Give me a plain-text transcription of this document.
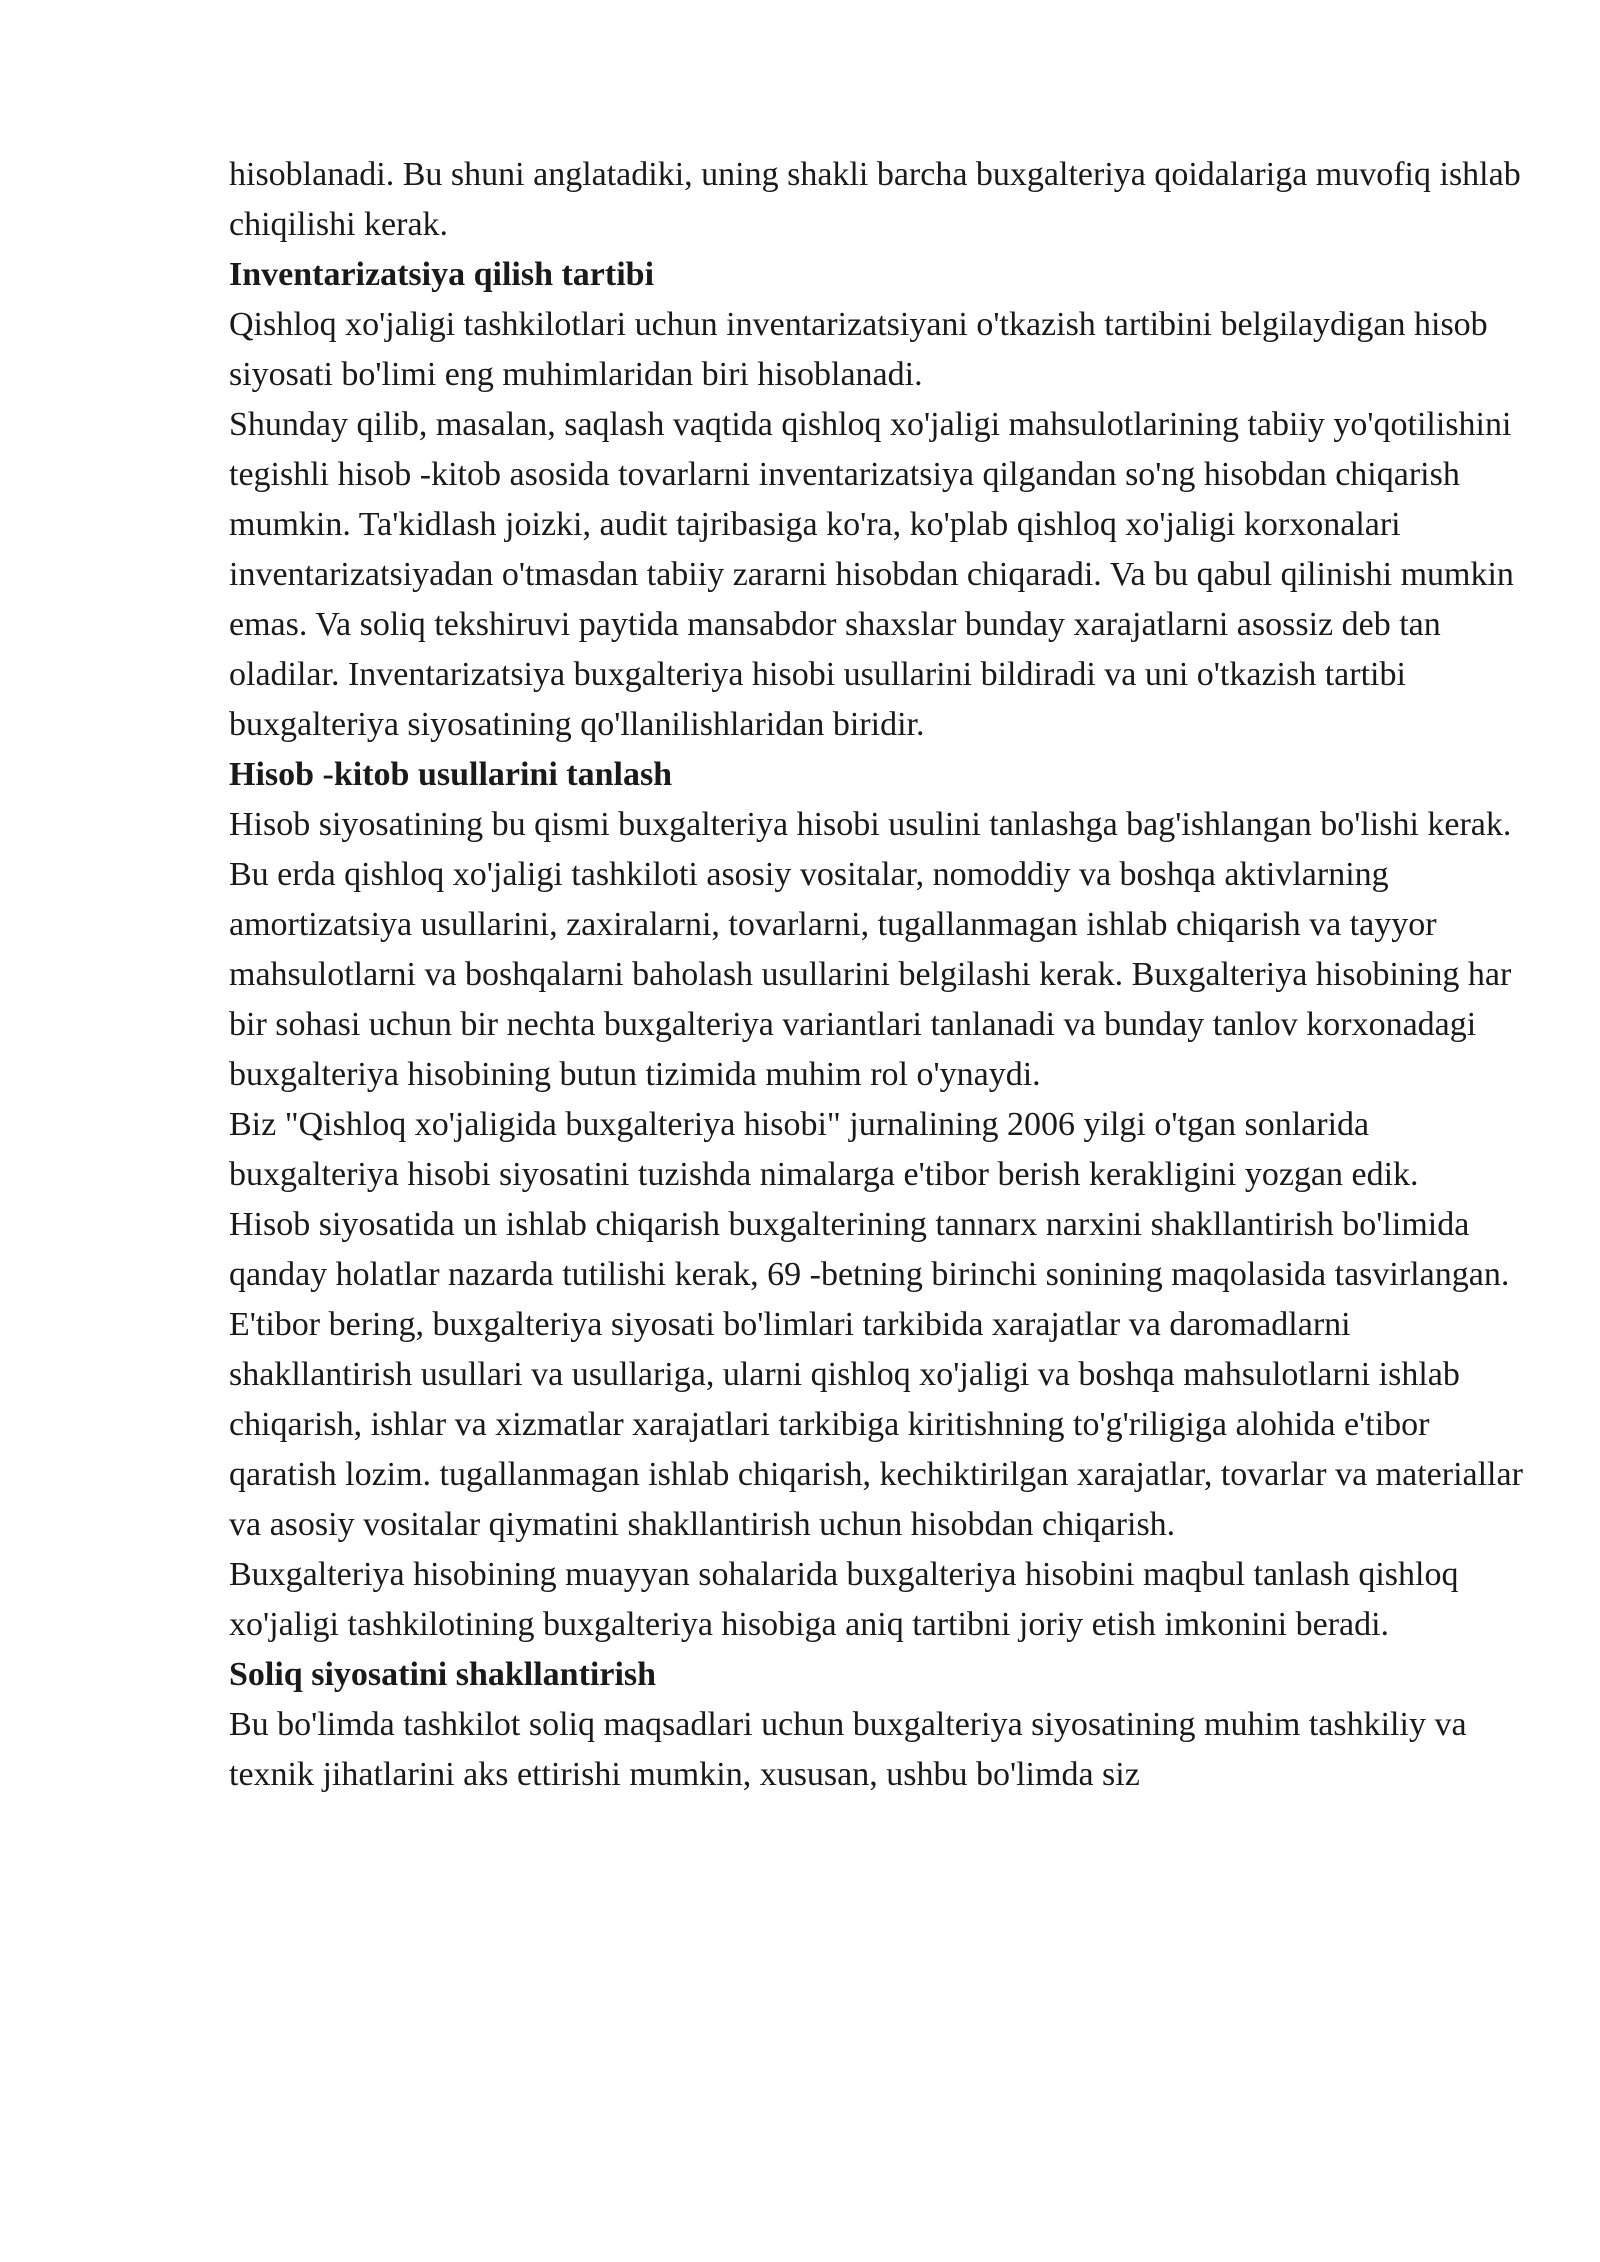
hisoblanadi. Bu shuni anglatadiki, uning shakli barcha buxgalteriya qoidalariga muvofiq ishlab chiqilishi kerak.

Inventarizatsiya qilish tartibi

Qishloq xo'jaligi tashkilotlari uchun inventarizatsiyani o'tkazish tartibini belgilaydigan hisob siyosati bo'limi eng muhimlaridan biri hisoblanadi.

Shunday qilib, masalan, saqlash vaqtida qishloq xo'jaligi mahsulotlarining tabiiy yo'qotilishini tegishli hisob -kitob asosida tovarlarni inventarizatsiya qilgandan so'ng hisobdan chiqarish mumkin. Ta'kidlash joizki, audit tajribasiga ko'ra, ko'plab qishloq xo'jaligi korxonalari inventarizatsiyadan o'tmasdan tabiiy zararni hisobdan chiqaradi. Va bu qabul qilinishi mumkin emas. Va soliq tekshiruvi paytida mansabdor shaxslar bunday xarajatlarni asossiz deb tan oladilar. Inventarizatsiya buxgalteriya hisobi usullarini bildiradi va uni o'tkazish tartibi buxgalteriya siyosatining qo'llanilishlaridan biridir.

Hisob -kitob usullarini tanlash

Hisob siyosatining bu qismi buxgalteriya hisobi usulini tanlashga bag'ishlangan bo'lishi kerak. Bu erda qishloq xo'jaligi tashkiloti asosiy vositalar, nomoddiy va boshqa aktivlarning amortizatsiya usullarini, zaxiralarni, tovarlarni, tugallanmagan ishlab chiqarish va tayyor mahsulotlarni va boshqalarni baholash usullarini belgilashi kerak. Buxgalteriya hisobining har bir sohasi uchun bir nechta buxgalteriya variantlari tanlanadi va bunday tanlov korxonadagi buxgalteriya hisobining butun tizimida muhim rol o'ynaydi.

Biz "Qishloq xo'jaligida buxgalteriya hisobi" jurnalining 2006 yilgi o'tgan sonlarida buxgalteriya hisobi siyosatini tuzishda nimalarga e'tibor berish kerakligini yozgan edik.

Hisob siyosatida un ishlab chiqarish buxgalterining tannarx narxini shakllantirish bo'limida qanday holatlar nazarda tutilishi kerak, 69 -betning birinchi sonining maqolasida tasvirlangan.

E'tibor bering, buxgalteriya siyosati bo'limlari tarkibida xarajatlar va daromadlarni shakllantirish usullari va usullariga, ularni qishloq xo'jaligi va boshqa mahsulotlarni ishlab chiqarish, ishlar va xizmatlar xarajatlari tarkibiga kiritishning to'g'riligiga alohida e'tibor qaratish lozim. tugallanmagan ishlab chiqarish, kechiktirilgan xarajatlar, tovarlar va materiallar va asosiy vositalar qiymatini shakllantirish uchun hisobdan chiqarish.

Buxgalteriya hisobining muayyan sohalarida buxgalteriya hisobini maqbul tanlash qishloq xo'jaligi tashkilotining buxgalteriya hisobiga aniq tartibni joriy etish imkonini beradi.

Soliq siyosatini shakllantirish

Bu bo'limda tashkilot soliq maqsadlari uchun buxgalteriya siyosatining muhim tashkiliy va texnik jihatlarini aks ettirishi mumkin, xususan, ushbu bo'limda siz
